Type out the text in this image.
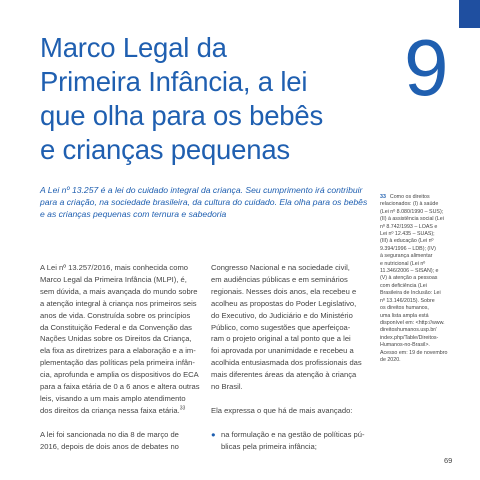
Marco Legal da
Primeira Infância, a lei
que olha para os bebês
e crianças pequenas
9
A Lei nº 13.257 é a lei do cuidado integral da criança. Seu cumprimento irá contribuir
para a criação, na sociedade brasileira, da cultura do cuidado. Ela olha para os bebês
e as crianças pequenas com ternura e sabedoria
A Lei nº 13.257/2016, mais conhecida como
Marco Legal da Primeira Infância (MLPI), é,
sem dúvida, a mais avançada do mundo sobre
a atenção integral à criança nos primeiros seis
anos de vida. Construída sobre os princípios
da Constituição Federal e da Convenção das
Nações Unidas sobre os Direitos da Criança,
ela fixa as diretrizes para a elaboração e a im-
plementação das políticas pela primeira infân-
cia, aprofunda e amplia os dispositivos do ECA
para a faixa etária de 0 a 6 anos e altera outras
leis, visando a um mais amplo atendimento
dos direitos da criança nessa faixa etária.$^{33}$
A lei foi sancionada no dia 8 de março de
2016, depois de dois anos de debates no
Congresso Nacional e na sociedade civil,
em audiências públicas e em seminários
regionais. Nesses dois anos, ela recebeu e
acolheu as propostas do Poder Legislativo,
do Executivo, do Judiciário e do Ministério
Público, como sugestões que aperfeiçoa-
ram o projeto original a tal ponto que a lei
foi aprovada por unanimidade e recebeu a
acolhida entusiasmada dos profissionais das
mais diferentes áreas da atenção à criança
no Brasil.
Ela expressa o que há de mais avançado:
● na formulação e na gestão de políticas pú-
blicas pela primeira infância;
33 Como os direitos
relacionados: (I) à saúde
(Lei nº 8.080/1990 – SUS);
(II) à assistência social (Lei
nº 8.742/1993 – LOAS e
Lei nº 12.435 – SUAS);
(III) à educação (Lei nº
9.394/1996 – LDB); (IV)
à segurança alimentar
e nutricional (Lei nº
11.346/2006 – SISAN); e
(V) à atenção a pessoas
com deficiência (Lei
Brasileira de Inclusão: Lei
nº 13.146/2015). Sobre
os direitos humanos,
uma lista ampla está
disponível em: <http://www.
direitoshumanos.usp.br/
index.php/Table/Direitos-
Humanos-no-Brasil>.
Acesso em: 19 de novembro
de 2020.
69
